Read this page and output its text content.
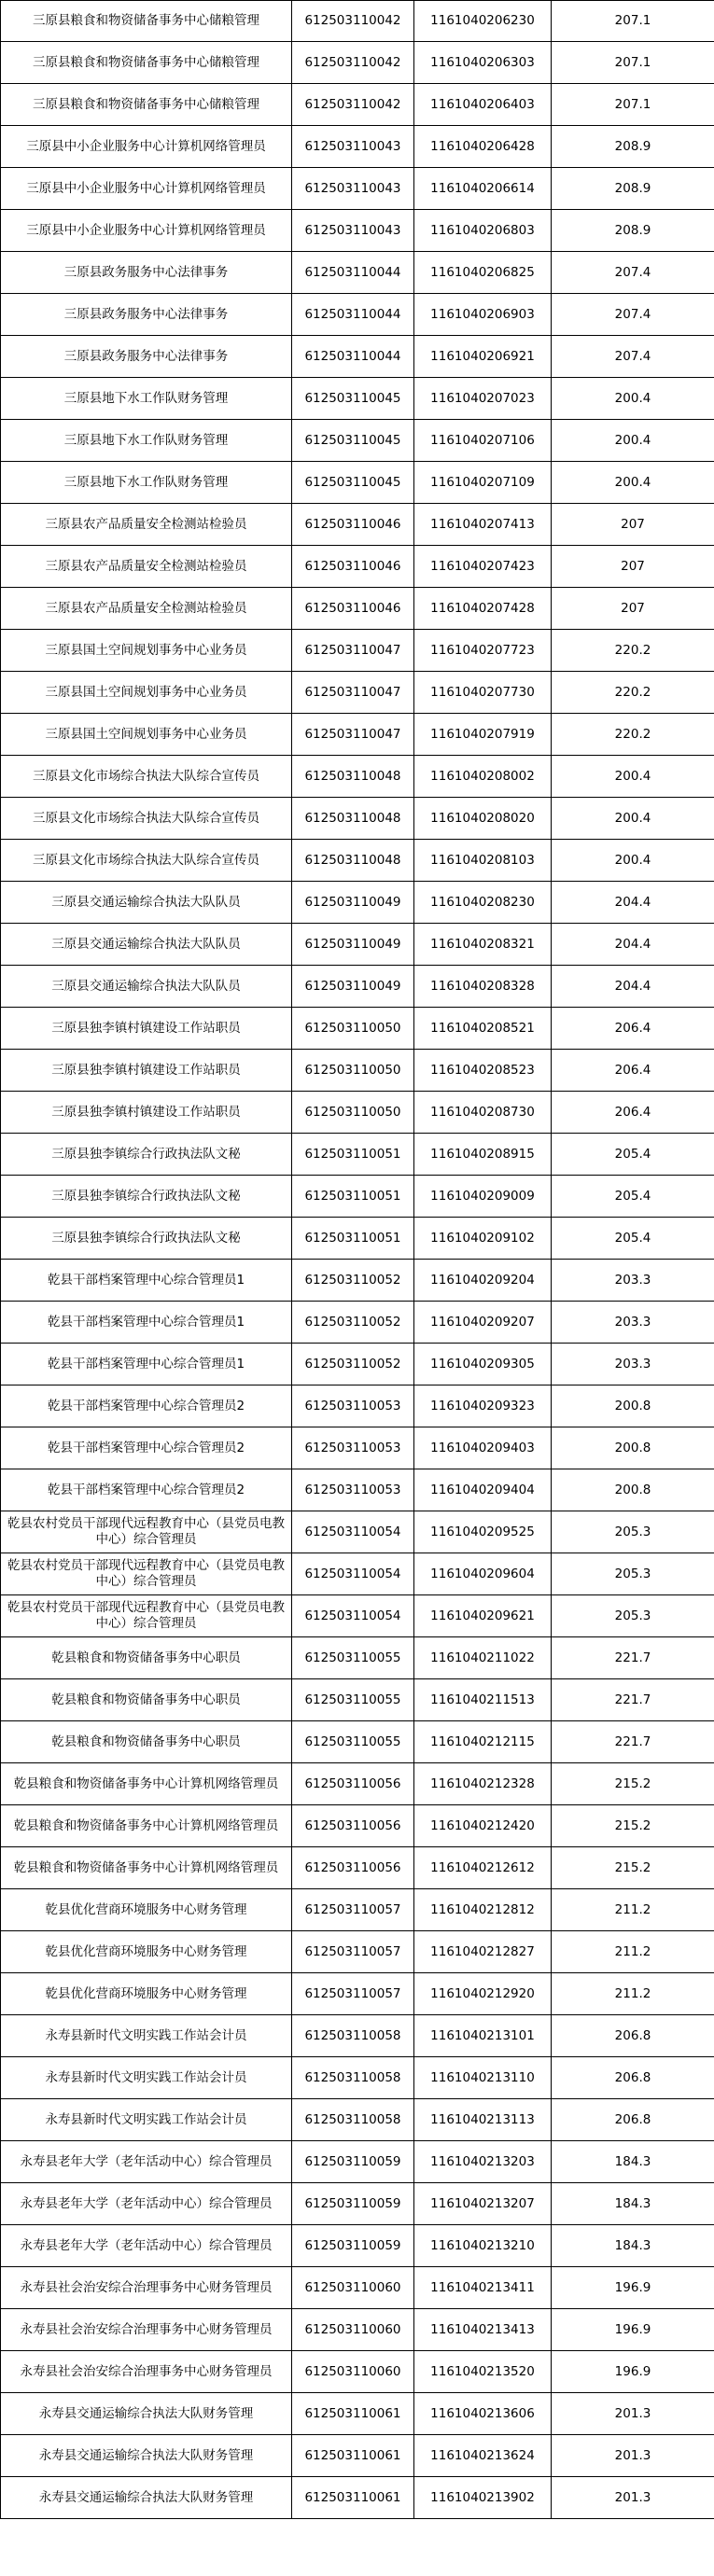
三原县粮食和物资储备事务中心储粮管理	612503110042	1161040206230	207.1
三原县粮食和物资储备事务中心储粮管理	612503110042	1161040206303	207.1
三原县粮食和物资储备事务中心储粮管理	612503110042	1161040206403	207.1
三原县中小企业服务中心计算机网络管理员	612503110043	1161040206428	208.9
三原县中小企业服务中心计算机网络管理员	612503110043	1161040206614	208.9
三原县中小企业服务中心计算机网络管理员	612503110043	1161040206803	208.9
三原县政务服务中心法律事务	612503110044	1161040206825	207.4
三原县政务服务中心法律事务	612503110044	1161040206903	207.4
三原县政务服务中心法律事务	612503110044	1161040206921	207.4
三原县地下水工作队财务管理	612503110045	1161040207023	200.4
三原县地下水工作队财务管理	612503110045	1161040207106	200.4
三原县地下水工作队财务管理	612503110045	1161040207109	200.4
三原县农产品质量安全检测站检验员	612503110046	1161040207413	207
三原县农产品质量安全检测站检验员	612503110046	1161040207423	207
三原县农产品质量安全检测站检验员	612503110046	1161040207428	207
三原县国土空间规划事务中心业务员	612503110047	1161040207723	220.2
三原县国土空间规划事务中心业务员	612503110047	1161040207730	220.2
三原县国土空间规划事务中心业务员	612503110047	1161040207919	220.2
三原县文化市场综合执法大队综合宣传员	612503110048	1161040208002	200.4
三原县文化市场综合执法大队综合宣传员	612503110048	1161040208020	200.4
三原县文化市场综合执法大队综合宣传员	612503110048	1161040208103	200.4
三原县交通运输综合执法大队队员	612503110049	1161040208230	204.4
三原县交通运输综合执法大队队员	612503110049	1161040208321	204.4
三原县交通运输综合执法大队队员	612503110049	1161040208328	204.4
三原县独李镇村镇建设工作站职员	612503110050	1161040208521	206.4
三原县独李镇村镇建设工作站职员	612503110050	1161040208523	206.4
三原县独李镇村镇建设工作站职员	612503110050	1161040208730	206.4
三原县独李镇综合行政执法队文秘	612503110051	1161040208915	205.4
三原县独李镇综合行政执法队文秘	612503110051	1161040209009	205.4
三原县独李镇综合行政执法队文秘	612503110051	1161040209102	205.4
乾县干部档案管理中心综合管理员1	612503110052	1161040209204	203.3
乾县干部档案管理中心综合管理员1	612503110052	1161040209207	203.3
乾县干部档案管理中心综合管理员1	612503110052	1161040209305	203.3
乾县干部档案管理中心综合管理员2	612503110053	1161040209323	200.8
乾县干部档案管理中心综合管理员2	612503110053	1161040209403	200.8
乾县干部档案管理中心综合管理员2	612503110053	1161040209404	200.8
乾县农村党员干部现代远程教育中心（县党员电教中心）综合管理员	612503110054	1161040209525	205.3
乾县农村党员干部现代远程教育中心（县党员电教中心）综合管理员	612503110054	1161040209604	205.3
乾县农村党员干部现代远程教育中心（县党员电教中心）综合管理员	612503110054	1161040209621	205.3
乾县粮食和物资储备事务中心职员	612503110055	1161040211022	221.7
乾县粮食和物资储备事务中心职员	612503110055	1161040211513	221.7
乾县粮食和物资储备事务中心职员	612503110055	1161040212115	221.7
乾县粮食和物资储备事务中心计算机网络管理员	612503110056	1161040212328	215.2
乾县粮食和物资储备事务中心计算机网络管理员	612503110056	1161040212420	215.2
乾县粮食和物资储备事务中心计算机网络管理员	612503110056	1161040212612	215.2
乾县优化营商环境服务中心财务管理	612503110057	1161040212812	211.2
乾县优化营商环境服务中心财务管理	612503110057	1161040212827	211.2
乾县优化营商环境服务中心财务管理	612503110057	1161040212920	211.2
永寿县新时代文明实践工作站会计员	612503110058	1161040213101	206.8
永寿县新时代文明实践工作站会计员	612503110058	1161040213110	206.8
永寿县新时代文明实践工作站会计员	612503110058	1161040213113	206.8
永寿县老年大学（老年活动中心）综合管理员	612503110059	1161040213203	184.3
永寿县老年大学（老年活动中心）综合管理员	612503110059	1161040213207	184.3
永寿县老年大学（老年活动中心）综合管理员	612503110059	1161040213210	184.3
永寿县社会治安综合治理事务中心财务管理员	612503110060	1161040213411	196.9
永寿县社会治安综合治理事务中心财务管理员	612503110060	1161040213413	196.9
永寿县社会治安综合治理事务中心财务管理员	612503110060	1161040213520	196.9
永寿县交通运输综合执法大队财务管理	612503110061	1161040213606	201.3
永寿县交通运输综合执法大队财务管理	612503110061	1161040213624	201.3
永寿县交通运输综合执法大队财务管理	612503110061	1161040213902	201.3
